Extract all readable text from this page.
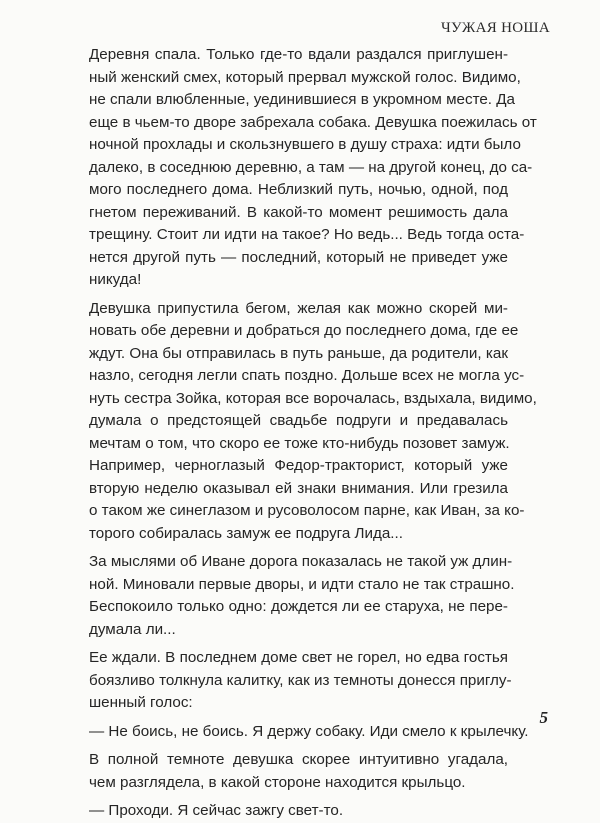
ЧУЖАЯ НОША
Деревня спала. Только где-то вдали раздался приглушен-
ный женский смех, который прервал мужской голос. Видимо,
не спали влюбленные, уединившиеся в укромном месте. Да
еще в чьем-то дворе забрехала собака. Девушка поежилась от
ночной прохлады и скользнувшего в душу страха: идти было
далеко, в соседнюю деревню, а там — на другой конец, до са-
мого последнего дома. Неблизкий путь, ночью, одной, под
гнетом переживаний. В какой-то момент решимость дала
трещину. Стоит ли идти на такое? Но ведь... Ведь тогда оста-
нется другой путь — последний, который не приведет уже
никуда!
Девушка припустила бегом, желая как можно скорей ми-
новать обе деревни и добраться до последнего дома, где ее
ждут. Она бы отправилась в путь раньше, да родители, как
назло, сегодня легли спать поздно. Дольше всех не могла ус-
нуть сестра Зойка, которая все ворочалась, вздыхала, видимо,
думала о предстоящей свадьбе подруги и предавалась
мечтам о том, что скоро ее тоже кто-нибудь позовет замуж.
Например, черноглазый Федор-тракторист, который уже
вторую неделю оказывал ей знаки внимания. Или грезила
о таком же синеглазом и русоволосом парне, как Иван, за ко-
торого собиралась замуж ее подруга Лида...
За мыслями об Иване дорога показалась не такой уж длин-
ной. Миновали первые дворы, и идти стало не так страшно.
Беспокоило только одно: дождется ли ее старуха, не пере-
думала ли...
Ее ждали. В последнем доме свет не горел, но едва гостья
боязливо толкнула калитку, как из темноты донесся приглу-
шенный голос:
— Не боись, не боись. Я держу собаку. Иди смело к крылечку.
В полной темноте девушка скорее интуитивно угадала,
чем разглядела, в какой стороне находится крыльцо.
— Проходи. Я сейчас зажгу свет-то.
5
